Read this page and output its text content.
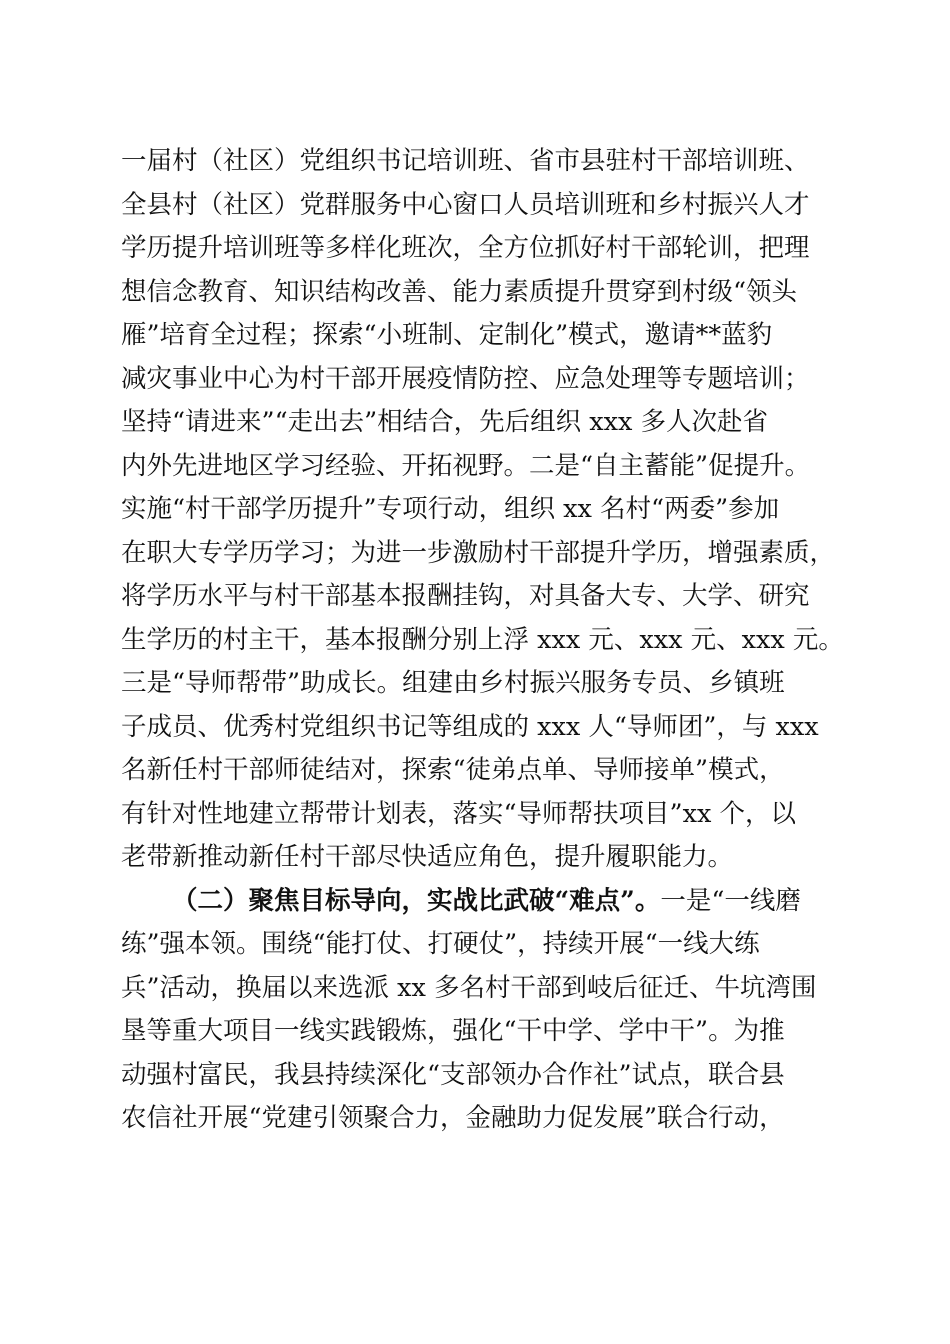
一届村（社区）党组织书记培训班、省市县驻村干部培训班、
全县村（社区）党群服务中心窗口人员培训班和乡村振兴人才
学历提升培训班等多样化班次，全方位抓好村干部轮训，把理
想信念教育、知识结构改善、能力素质提升贯穿到村级“领头
雁”培育全过程；探索“小班制、定制化”模式，邀请**蓝豹
减灾事业中心为村干部开展疫情防控、应急处理等专题培训；
坚持“请进来”“走出去”相结合，先后组织 xxx 多人次赴省
内外先进地区学习经验、开拓视野。二是“自主蓄能”促提升。
实施“村干部学历提升”专项行动，组织 xx 名村“两委”参加
在职大专学历学习；为进一步激励村干部提升学历，增强素质，
将学历水平与村干部基本报酬挂钩，对具备大专、大学、研究
生学历的村主干，基本报酬分别上浮 xxx 元、xxx 元、xxx 元。
三是“导师帮带”助成长。组建由乡村振兴服务专员、乡镇班
子成员、优秀村党组织书记等组成的 xxx 人“导师团”，与 xxx
名新任村干部师徒结对，探索“徒弟点单、导师接单”模式，
有针对性地建立帮带计划表，落实“导师帮扶项目”xx 个，以
老带新推动新任村干部尽快适应角色，提升履职能力。
（二）聚焦目标导向，实战比武破“难点”。一是“一线磨
练”强本领。围绕“能打仗、打硬仗”，持续开展“一线大练
兵”活动，换届以来选派 xx 多名村干部到岐后征迁、牛坑湾围
垦等重大项目一线实践锻炼，强化“干中学、学中干”。为推
动强村富民，我县持续深化“支部领办合作社”试点，联合县
农信社开展“党建引领聚合力，金融助力促发展”联合行动，
